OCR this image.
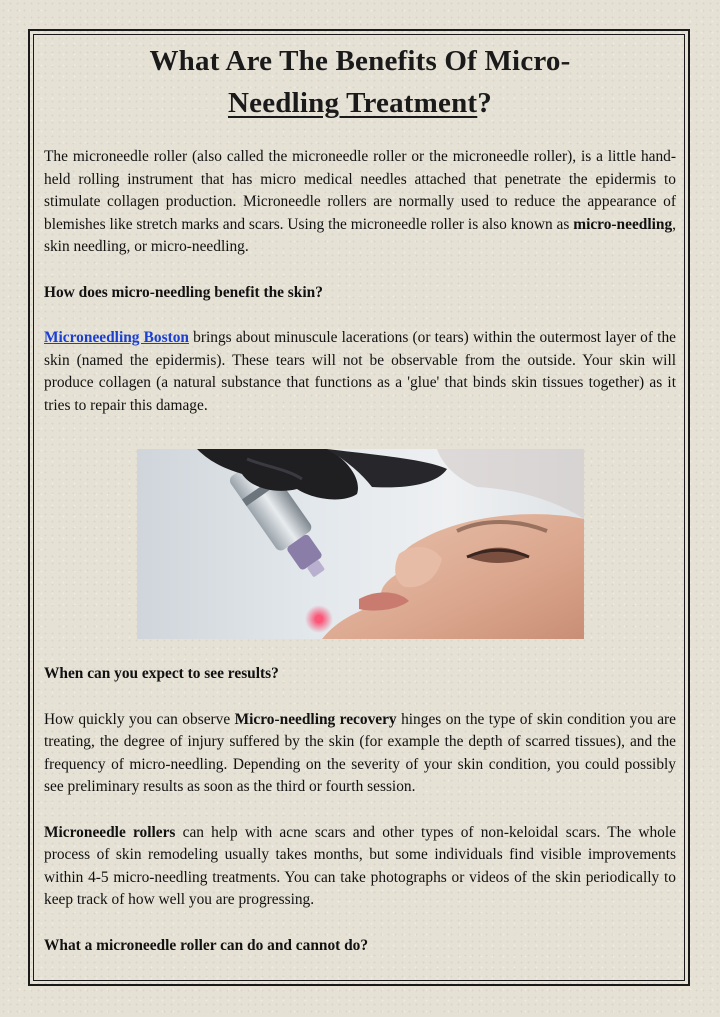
What Are The Benefits Of Micro-
Needling Treatment?

The microneedle roller (also called the microneedle roller or the microneedle roller), is a little hand-held rolling instrument that has micro medical needles attached that penetrate the epidermis to stimulate collagen production. Microneedle rollers are normally used to reduce the appearance of blemishes like stretch marks and scars. Using the microneedle roller is also known as micro-needling, skin needling, or micro-needling.

How does micro-needling benefit the skin?

Microneedling Boston brings about minuscule lacerations (or tears) within the outermost layer of the skin (named the epidermis). These tears will not be observable from the outside. Your skin will produce collagen (a natural substance that functions as a 'glue' that binds skin tissues together) as it tries to repair this damage.

When can you expect to see results?

How quickly you can observe Micro-needling recovery hinges on the type of skin condition you are treating, the degree of injury suffered by the skin (for example the depth of scarred tissues), and the frequency of micro-needling. Depending on the severity of your skin condition, you could possibly see preliminary results as soon as the third or fourth session.

Microneedle rollers can help with acne scars and other types of non-keloidal scars. The whole process of skin remodeling usually takes months, but some individuals find visible improvements within 4-5 micro-needling treatments. You can take photographs or videos of the skin periodically to keep track of how well you are progressing.

What a microneedle roller can do and cannot do?
